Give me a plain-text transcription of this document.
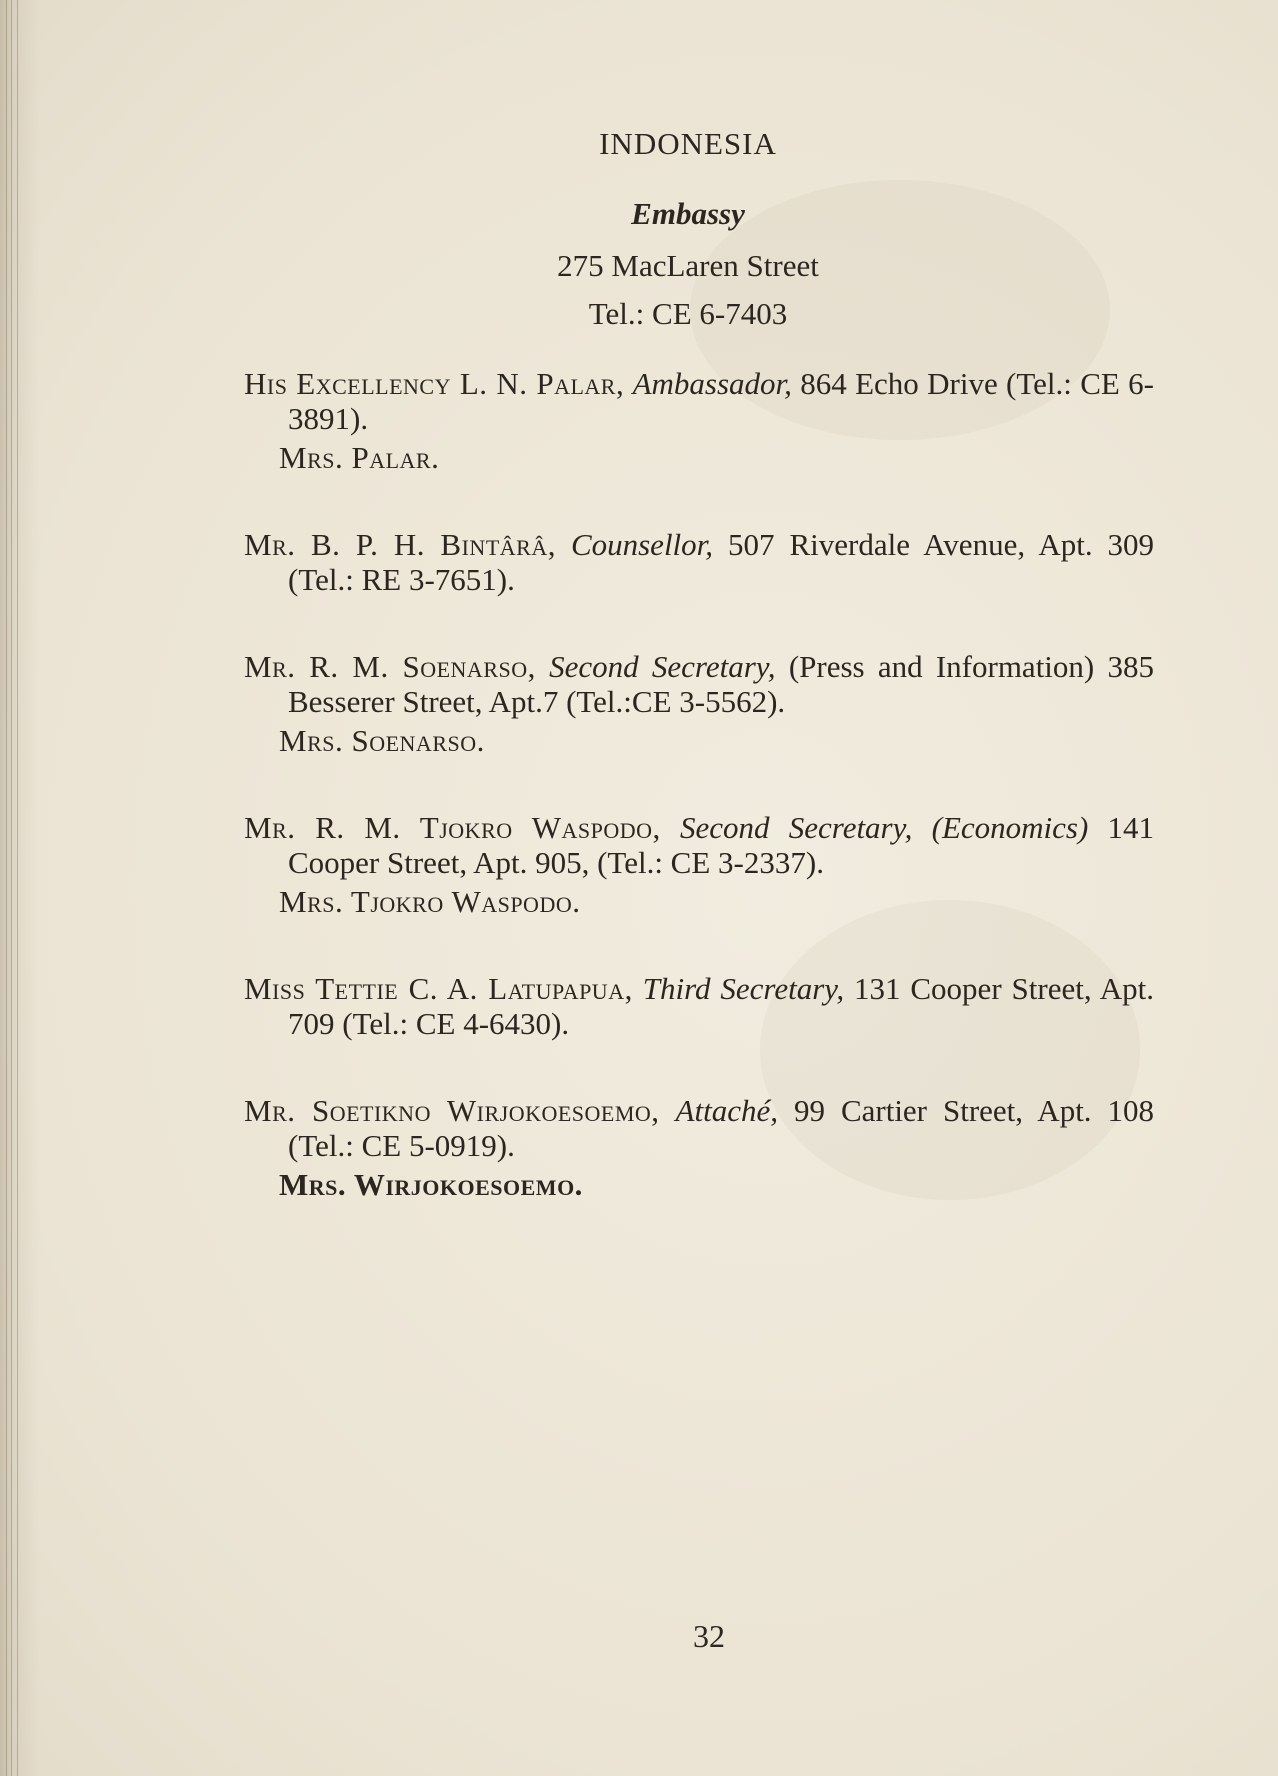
INDONESIA
Embassy
275 MacLaren Street
Tel.: CE 6-7403
His Excellency L. N. Palar, Ambassador, 864 Echo Drive (Tel.: CE 6-3891).
Mrs. Palar.
Mr. B. P. H. Bintârâ, Counsellor, 507 Riverdale Avenue, Apt. 309 (Tel.: RE 3-7651).
Mr. R. M. Soenarso, Second Secretary, (Press and Information) 385 Besserer Street, Apt.7 (Tel.:CE 3-5562).
Mrs. Soenarso.
Mr. R. M. Tjokro Waspodo, Second Secretary, (Economics) 141 Cooper Street, Apt. 905, (Tel.: CE 3-2337).
Mrs. Tjokro Waspodo.
Miss Tettie C. A. Latupapua, Third Secretary, 131 Cooper Street, Apt. 709 (Tel.: CE 4-6430).
Mr. Soetikno Wirjokoesoemo, Attaché, 99 Cartier Street, Apt. 108 (Tel.: CE 5-0919).
Mrs. Wirjokoesoemo.
32
